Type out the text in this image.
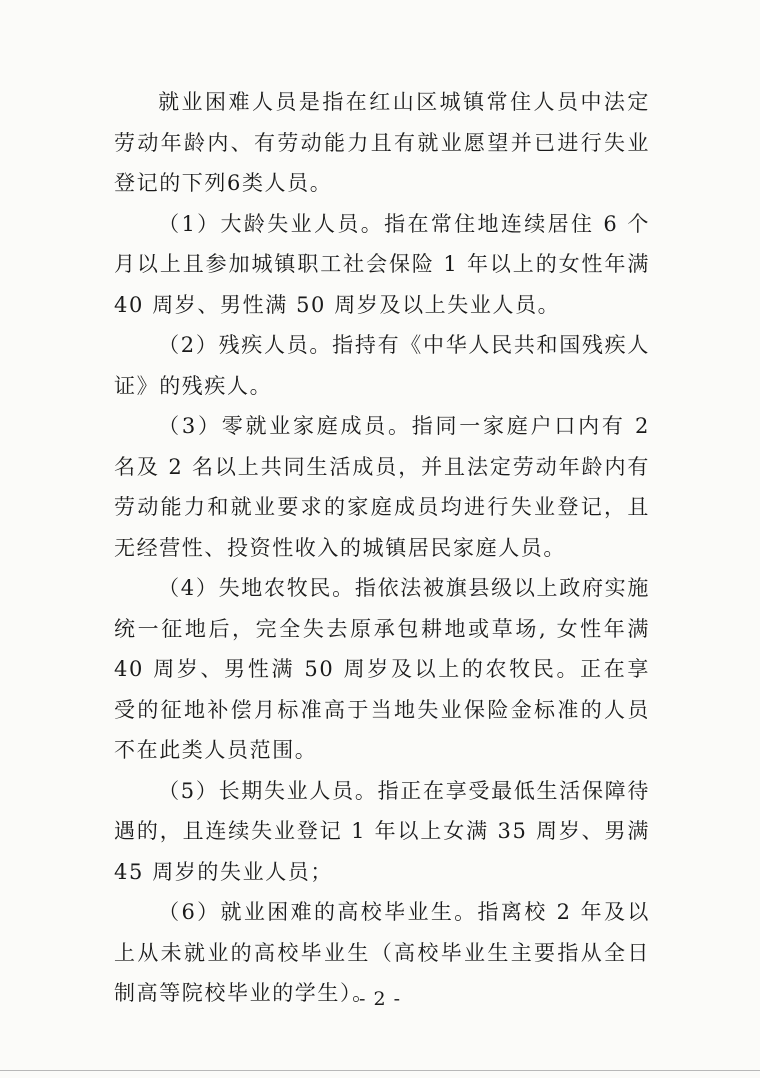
就业困难人员是指在红山区城镇常住人员中法定劳动年龄内、有劳动能力且有就业愿望并已进行失业登记的下列6类人员。

（1）大龄失业人员。指在常住地连续居住 6 个月以上且参加城镇职工社会保险 1 年以上的女性年满 40 周岁、男性满 50 周岁及以上失业人员。

（2）残疾人员。指持有《中华人民共和国残疾人证》的残疾人。

（3）零就业家庭成员。指同一家庭户口内有 2 名及 2 名以上共同生活成员，并且法定劳动年龄内有劳动能力和就业要求的家庭成员均进行失业登记，且无经营性、投资性收入的城镇居民家庭人员。

（4）失地农牧民。指依法被旗县级以上政府实施统一征地后，完全失去原承包耕地或草场, 女性年满 40 周岁、男性满 50 周岁及以上的农牧民。正在享受的征地补偿月标准高于当地失业保险金标准的人员不在此类人员范围。

（5）长期失业人员。指正在享受最低生活保障待遇的，且连续失业登记 1 年以上女满 35 周岁、男满 45 周岁的失业人员；

（6）就业困难的高校毕业生。指离校 2 年及以上从未就业的高校毕业生（高校毕业生主要指从全日制高等院校毕业的学生）。

- 2 -
